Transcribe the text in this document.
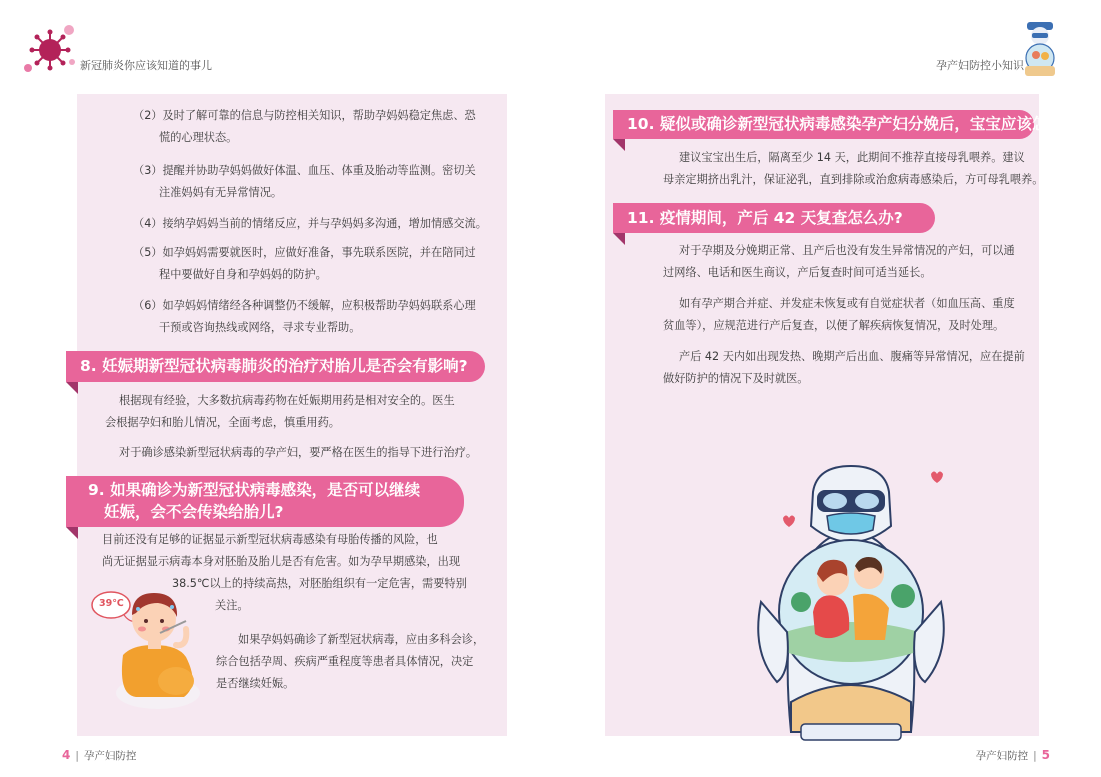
新冠肺炎你应该知道的事儿

（2）及时了解可靠的信息与防控相关知识，帮助孕妈妈稳定焦虑、恐
慌的心理状态。

（3）提醒并协助孕妈妈做好体温、血压、体重及胎动等监测。密切关
注准妈妈有无异常情况。

（4）接纳孕妈妈当前的情绪反应，并与孕妈妈多沟通，增加情感交流。

（5）如孕妈妈需要就医时，应做好准备，事先联系医院，并在陪同过
程中要做好自身和孕妈妈的防护。

（6）如孕妈妈情绪经各种调整仍不缓解，应积极帮助孕妈妈联系心理
干预或咨询热线或网络，寻求专业帮助。

8. 妊娠期新型冠状病毒肺炎的治疗对胎儿是否会有影响?

根据现有经验，大多数抗病毒药物在妊娠期用药是相对安全的。医生
会根据孕妇和胎儿情况，全面考虑，慎重用药。

对于确诊感染新型冠状病毒的孕产妇，要严格在医生的指导下进行治疗。

9. 如果确诊为新型冠状病毒感染，是否可以继续
妊娠，会不会传染给胎儿?

目前还没有足够的证据显示新型冠状病毒感染有母胎传播的风险，也
尚无证据显示病毒本身对胚胎及胎儿是否有危害。如为孕早期感染，出现
38.5℃以上的持续高热，对胚胎组织有一定危害，需要特别
关注。

如果孕妈妈确诊了新型冠状病毒，应由多科会诊，
综合包括孕周、疾病严重程度等患者具体情况，决定
是否继续妊娠。

39℃
4 | 孕产妇防控
孕产妇防控小知识
10. 疑似或确诊新型冠状病毒感染孕产妇分娩后，宝宝应该怎么办?

建议宝宝出生后，隔离至少 14 天，此期间不推荐直接母乳喂养。建议
母亲定期挤出乳汁，保证泌乳，直到排除或治愈病毒感染后，方可母乳喂养。

11. 疫情期间，产后 42 天复查怎么办?

对于孕期及分娩期正常、且产后也没有发生异常情况的产妇，可以通
过网络、电话和医生商议，产后复查时间可适当延长。

如有孕产期合并症、并发症未恢复或有自觉症状者（如血压高、重度
贫血等），应规范进行产后复查，以便了解疾病恢复情况，及时处理。

产后 42 天内如出现发热、晚期产后出血、腹痛等异常情况，应在提前
做好防护的情况下及时就医。

孕产妇防控 | 5
